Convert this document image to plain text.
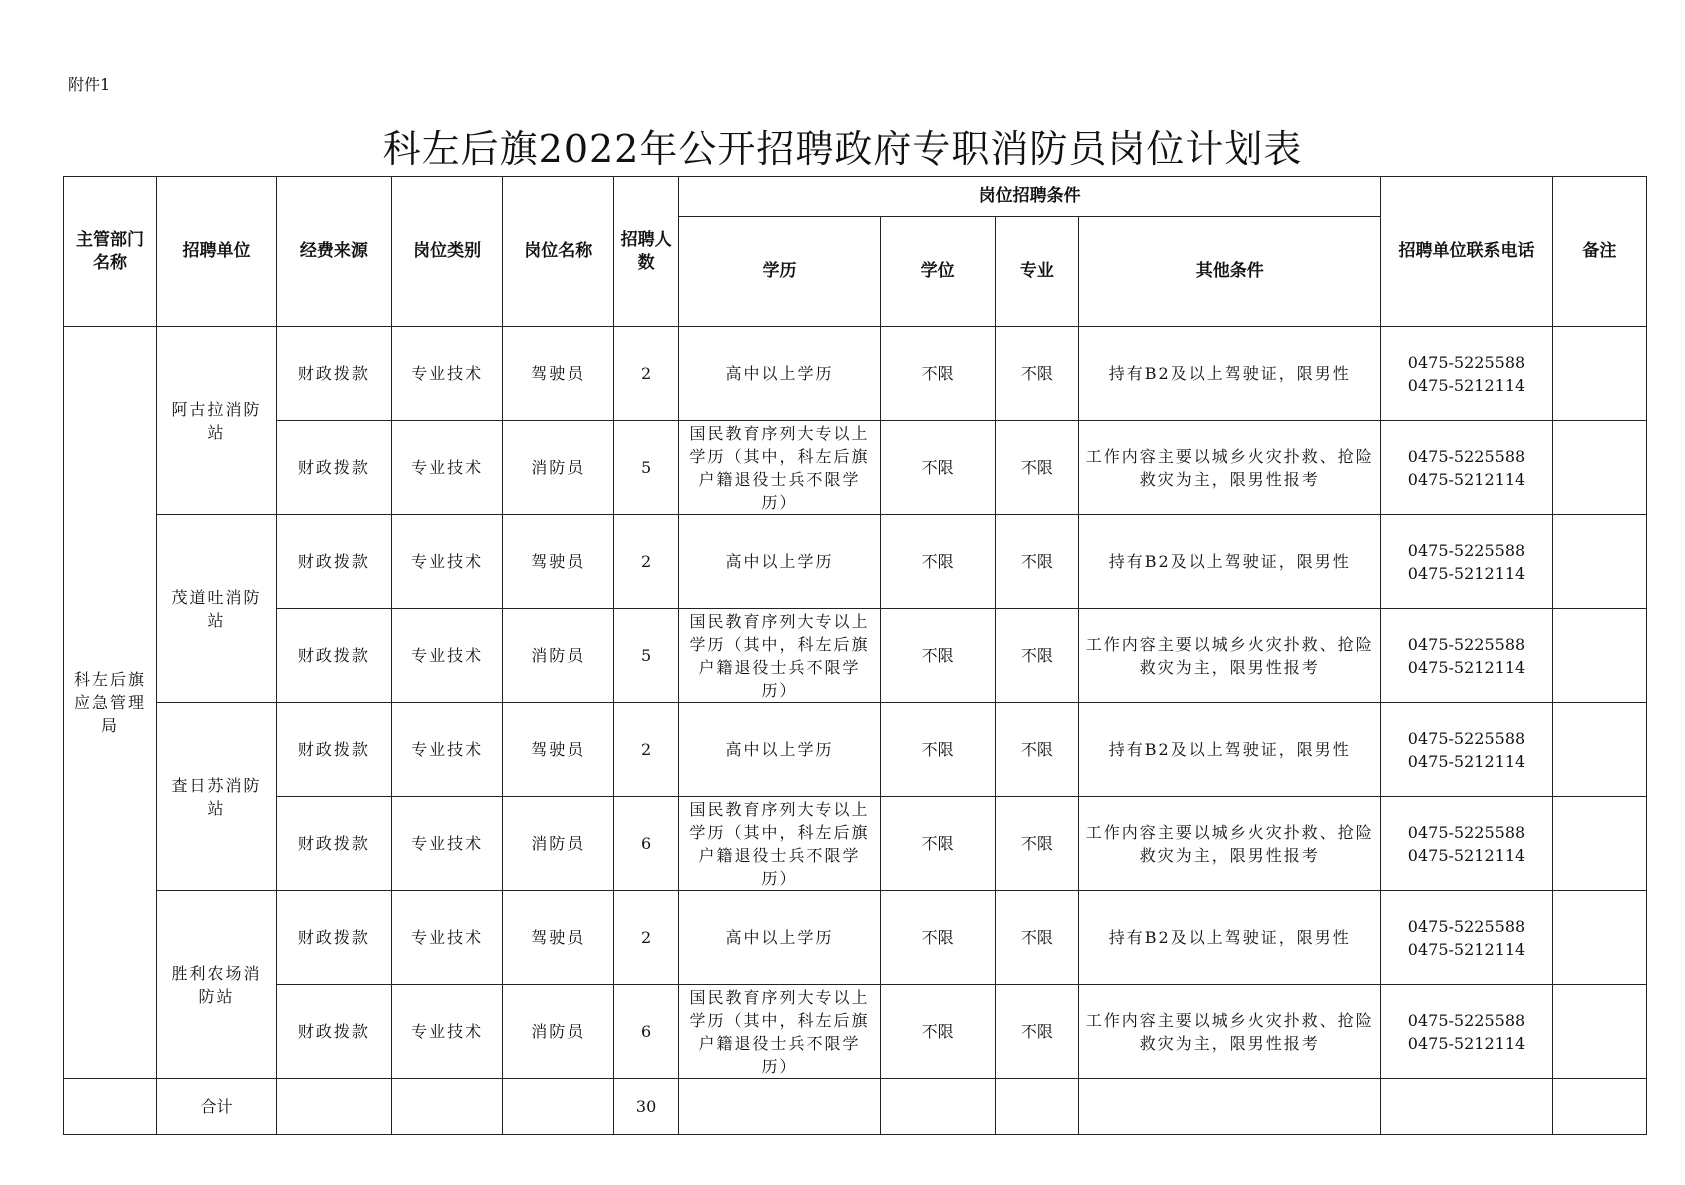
附件1
科左后旗2022年公开招聘政府专职消防员岗位计划表
主管部门名称	招聘单位	经费来源	岗位类别	岗位名称	招聘人数	岗位招聘条件				招聘单位联系电话	备注
						学历	学位	专业	其他条件		
科左后旗应急管理局	阿古拉消防站	财政拨款	专业技术	驾驶员	2	高中以上学历	不限	不限	持有B2及以上驾驶证，限男性	0475-5225588
0475-5212114	

		财政拨款	专业技术	消防员	5	国民教育序列大专以上学历（其中，科左后旗户籍退役士兵不限学历）	不限	不限	工作内容主要以城乡火灾扑救、抢险救灾为主，限男性报考	0475-5225588
0475-5212114	

	茂道吐消防站	财政拨款	专业技术	驾驶员	2	高中以上学历	不限	不限	持有B2及以上驾驶证，限男性	0475-5225588
0475-5212114	

		财政拨款	专业技术	消防员	5	国民教育序列大专以上学历（其中，科左后旗户籍退役士兵不限学历）	不限	不限	工作内容主要以城乡火灾扑救、抢险救灾为主，限男性报考	0475-5225588
0475-5212114	

	査日苏消防站	财政拨款	专业技术	驾驶员	2	高中以上学历	不限	不限	持有B2及以上驾驶证，限男性	0475-5225588
0475-5212114	

		财政拨款	专业技术	消防员	6	国民教育序列大专以上学历（其中，科左后旗户籍退役士兵不限学历）	不限	不限	工作内容主要以城乡火灾扑救、抢险救灾为主，限男性报考	0475-5225588
0475-5212114	

	胜利农场消防站	财政拨款	专业技术	驾驶员	2	高中以上学历	不限	不限	持有B2及以上驾驶证，限男性	0475-5225588
0475-5212114	

		财政拨款	专业技术	消防员	6	国民教育序列大专以上学历（其中，科左后旗户籍退役士兵不限学历）	不限	不限	工作内容主要以城乡火灾扑救、抢险救灾为主，限男性报考	0475-5225588
0475-5212114	

	合计				30						
